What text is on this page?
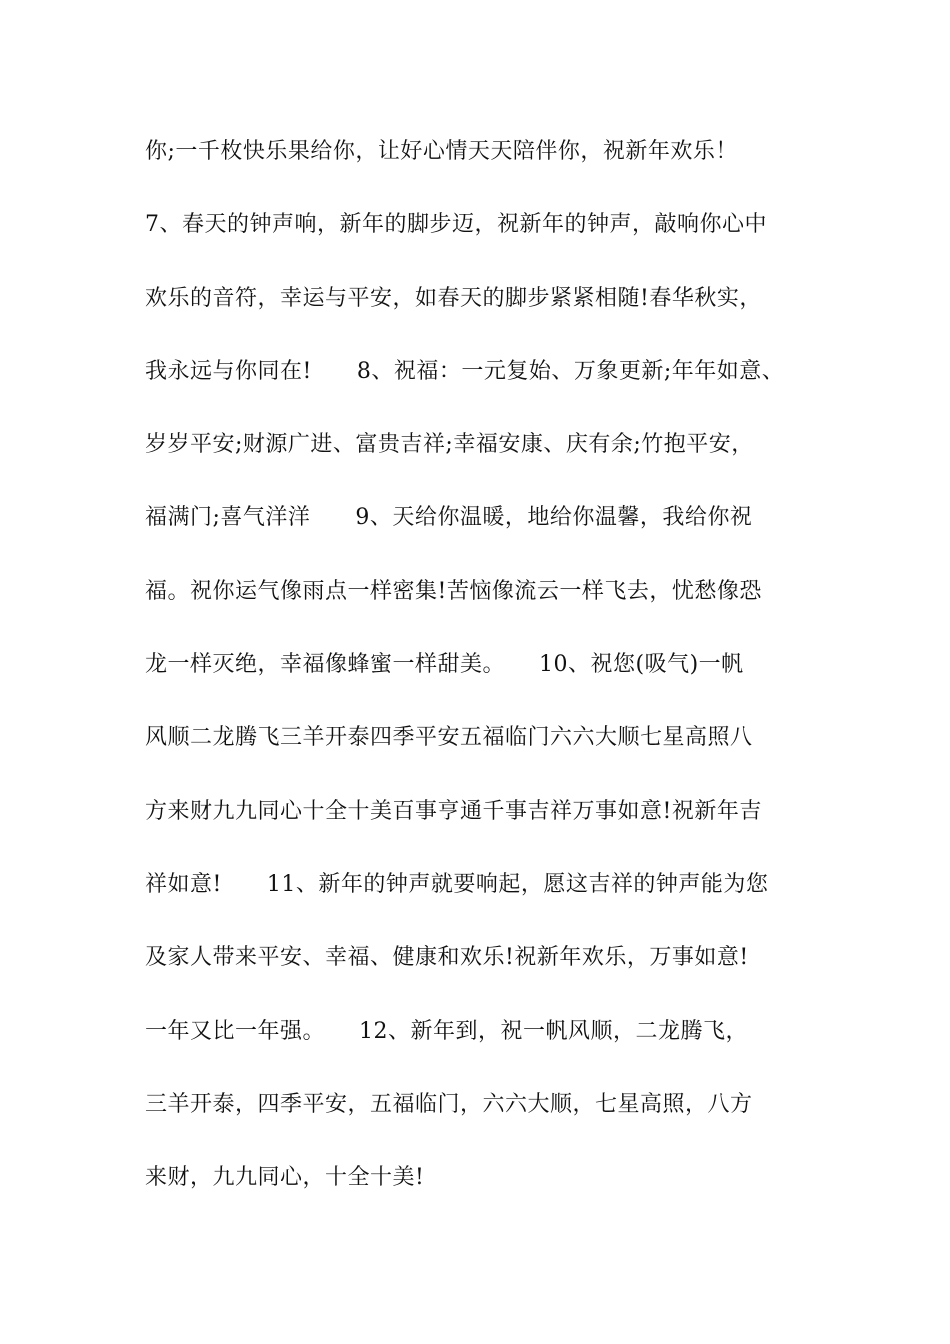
你;一千枚快乐果给你，让好心情天天陪伴你，祝新年欢乐！
7、春天的钟声响，新年的脚步迈，祝新年的钟声，敲响你心中
欢乐的音符，幸运与平安，如春天的脚步紧紧相随!春华秋实，
我永远与你同在!　　8、祝福：一元复始、万象更新;年年如意、
岁岁平安;财源广进、富贵吉祥;幸福安康、庆有余;竹抱平安，
福满门;喜气洋洋　　9、天给你温暖，地给你温馨，我给你祝
福。祝你运气像雨点一样密集!苦恼像流云一样飞去，忧愁像恐
龙一样灭绝，幸福像蜂蜜一样甜美。　　10、祝您(吸气)一帆
风顺二龙腾飞三羊开泰四季平安五福临门六六大顺七星高照八
方来财九九同心十全十美百事亨通千事吉祥万事如意!祝新年吉
祥如意!　　11、新年的钟声就要响起，愿这吉祥的钟声能为您
及家人带来平安、幸福、健康和欢乐!祝新年欢乐，万事如意!
一年又比一年强。　　12、新年到，祝一帆风顺，二龙腾飞，
三羊开泰，四季平安，五福临门，六六大顺，七星高照，八方
来财，九九同心，十全十美!
